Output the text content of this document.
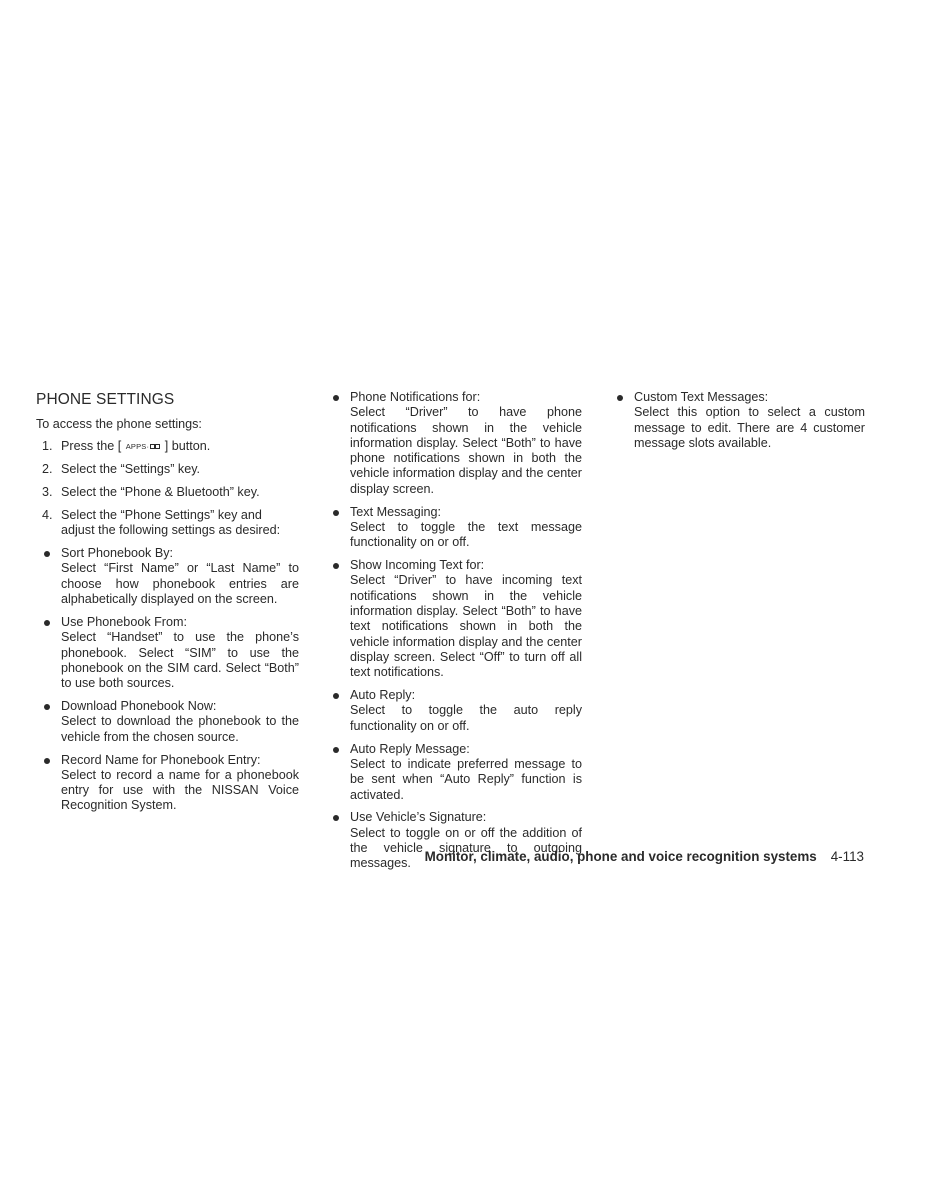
PHONE SETTINGS
To access the phone settings:
1. Press the [ APPS· ] button.
2. Select the “Settings” key.
3. Select the “Phone & Bluetooth” key.
4. Select the “Phone Settings” key and adjust the following settings as desired:
Sort Phonebook By:
Select “First Name” or “Last Name” to choose how phonebook entries are alphabetically displayed on the screen.
Use Phonebook From:
Select “Handset” to use the phone’s phonebook. Select “SIM” to use the phonebook on the SIM card. Select “Both” to use both sources.
Download Phonebook Now:
Select to download the phonebook to the vehicle from the chosen source.
Record Name for Phonebook Entry:
Select to record a name for a phonebook entry for use with the NISSAN Voice Recognition System.
Phone Notifications for:
Select “Driver” to have phone notifications shown in the vehicle information display. Select “Both” to have phone notifications shown in both the vehicle information display and the center display screen.
Text Messaging:
Select to toggle the text message functionality on or off.
Show Incoming Text for:
Select “Driver” to have incoming text notifications shown in the vehicle information display. Select “Both” to have text notifications shown in both the vehicle information display and the center display screen. Select “Off” to turn off all text notifications.
Auto Reply:
Select to toggle the auto reply functionality on or off.
Auto Reply Message:
Select to indicate preferred message to be sent when “Auto Reply” function is activated.
Use Vehicle’s Signature:
Select to toggle on or off the addition of the vehicle signature to outgoing messages.
Custom Text Messages:
Select this option to select a custom message to edit. There are 4 customer message slots available.
Monitor, climate, audio, phone and voice recognition systems 4-113
